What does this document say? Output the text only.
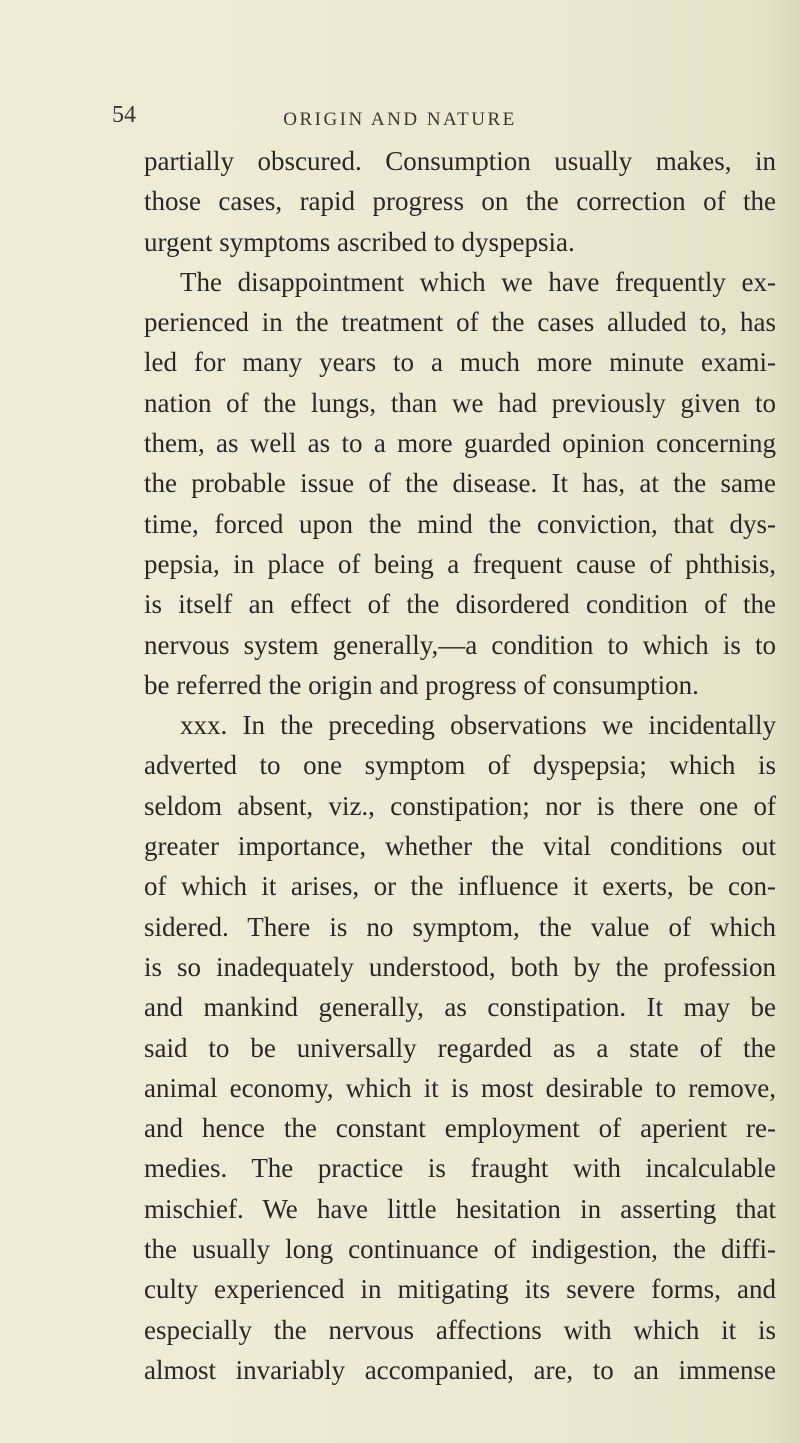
54	ORIGIN AND NATURE
partially obscured. Consumption usually makes, in
those cases, rapid progress on the correction of the
urgent symptoms ascribed to dyspepsia.
The disappointment which we have frequently ex-
perienced in the treatment of the cases alluded to, has
led for many years to a much more minute exami-
nation of the lungs, than we had previously given to
them, as well as to a more guarded opinion concerning
the probable issue of the disease. It has, at the same
time, forced upon the mind the conviction, that dys-
pepsia, in place of being a frequent cause of phthisis,
is itself an effect of the disordered condition of the
nervous system generally,—a condition to which is to
be referred the origin and progress of consumption.
xxx. In the preceding observations we incidentally
adverted to one symptom of dyspepsia; which is
seldom absent, viz., constipation; nor is there one of
greater importance, whether the vital conditions out
of which it arises, or the influence it exerts, be con-
sidered. There is no symptom, the value of which
is so inadequately understood, both by the profession
and mankind generally, as constipation. It may be
said to be universally regarded as a state of the
animal economy, which it is most desirable to remove,
and hence the constant employment of aperient re-
medies. The practice is fraught with incalculable
mischief. We have little hesitation in asserting that
the usually long continuance of indigestion, the diffi-
culty experienced in mitigating its severe forms, and
especially the nervous affections with which it is
almost invariably accompanied, are, to an immense
